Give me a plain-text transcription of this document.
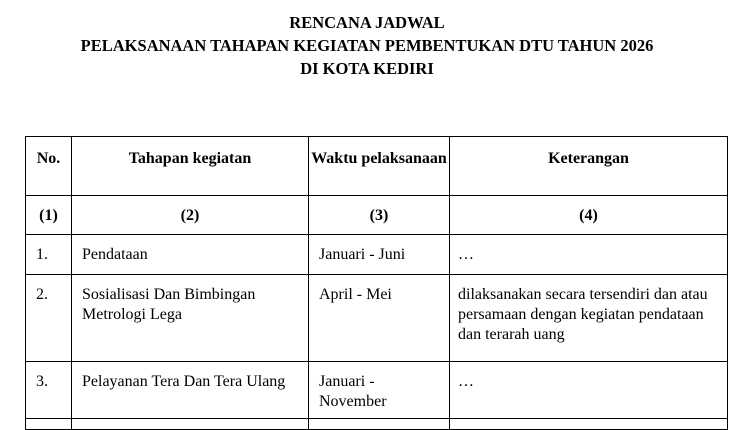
RENCANA JADWAL
PELAKSANAAN TAHAPAN KEGIATAN PEMBENTUKAN DTU TAHUN 2026
DI KOTA KEDIRI
No.	Tahapan kegiatan	Waktu pelaksanaan	Keterangan
(1)	(2)	(3)	(4)
1.	Pendataan	Januari - Juni	…
2.	Sosialisasi Dan Bimbingan Metrologi Lega	April - Mei	dilaksanakan secara tersendiri dan atau persamaan dengan kegiatan pendataan dan terarah uang
3.	Pelayanan Tera Dan Tera Ulang	Januari - November	…
